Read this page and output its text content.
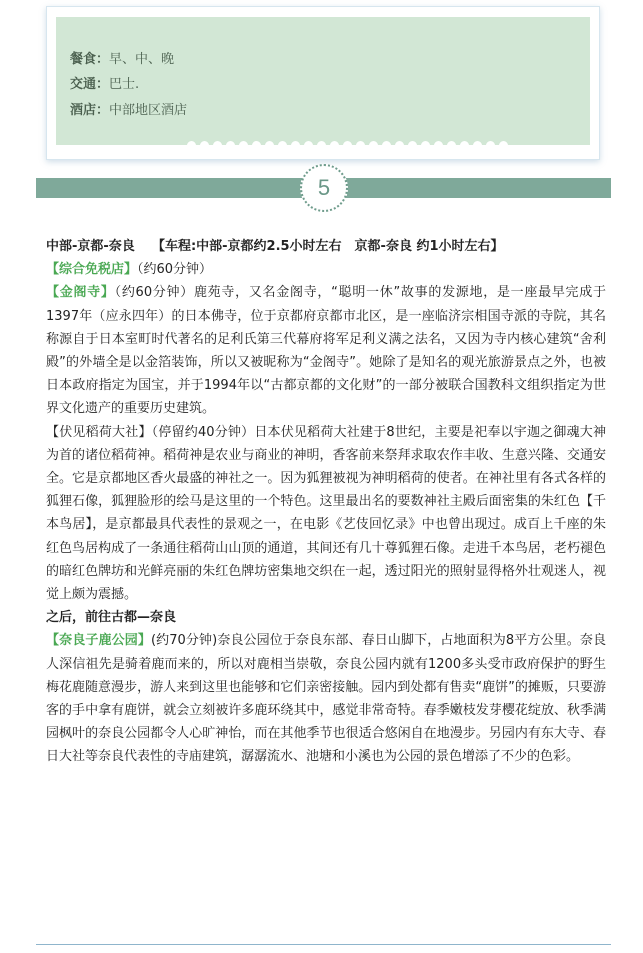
餐食：早、中、晚
交通：巴士.
酒店：中部地区酒店
5

中部-京都-奈良　 【车程:中部-京都约2.5小时左右　京都-奈良 约1小时左右】

【综合免税店】（约60分钟）

【金阁寺】（约60分钟）鹿苑寺，又名金阁寺，“聪明一休”故事的发源地，是一座最早完成于1397年（应永四年）的日本佛寺，位于京都府京都市北区，是一座临济宗相国寺派的寺院，其名称源自于日本室町时代著名的足利氏第三代幕府将军足利义满之法名，又因为寺内核心建筑“舍利殿”的外墙全是以金箔装饰，所以又被昵称为“金阁寺”。她除了是知名的观光旅游景点之外，也被日本政府指定为国宝，并于1994年以“古都京都的文化财”的一部分被联合国教科文组织指定为世界文化遗产的重要历史建筑。

【伏见稻荷大社】（停留约40分钟）日本伏见稻荷大社建于8世纪，主要是祀奉以宇迦之御魂大神为首的诸位稻荷神。稻荷神是农业与商业的神明，香客前来祭拜求取农作丰收、生意兴隆、交通安全。它是京都地区香火最盛的神社之一。因为狐狸被视为神明稻荷的使者。在神社里有各式各样的狐狸石像，狐狸脸形的绘马是这里的一个特色。这里最出名的要数神社主殿后面密集的朱红色【千本鸟居】，是京都最具代表性的景观之一，在电影《艺伎回忆录》中也曾出现过。成百上千座的朱红色鸟居构成了一条通往稻荷山山顶的通道，其间还有几十尊狐狸石像。走进千本鸟居，老朽褪色的暗红色牌坊和光鲜亮丽的朱红色牌坊密集地交织在一起，透过阳光的照射显得格外壮观迷人，视觉上颇为震撼。

之后，前往古都—奈良

【奈良子鹿公园】(约70分钟)奈良公园位于奈良东部、春日山脚下，占地面积为8平方公里。奈良人深信祖先是骑着鹿而来的，所以对鹿相当崇敬，奈良公园内就有1200多头受市政府保护的野生梅花鹿随意漫步，游人来到这里也能够和它们亲密接触。园内到处都有售卖“鹿饼”的摊贩，只要游客的手中拿有鹿饼，就会立刻被许多鹿环绕其中，感觉非常奇特。春季嫩枝发芽樱花绽放、秋季满园枫叶的奈良公园都令人心旷神怡，而在其他季节也很适合悠闲自在地漫步。另园内有东大寺、春日大社等奈良代表性的寺庙建筑，潺潺流水、池塘和小溪也为公园的景色增添了不少的色彩。
